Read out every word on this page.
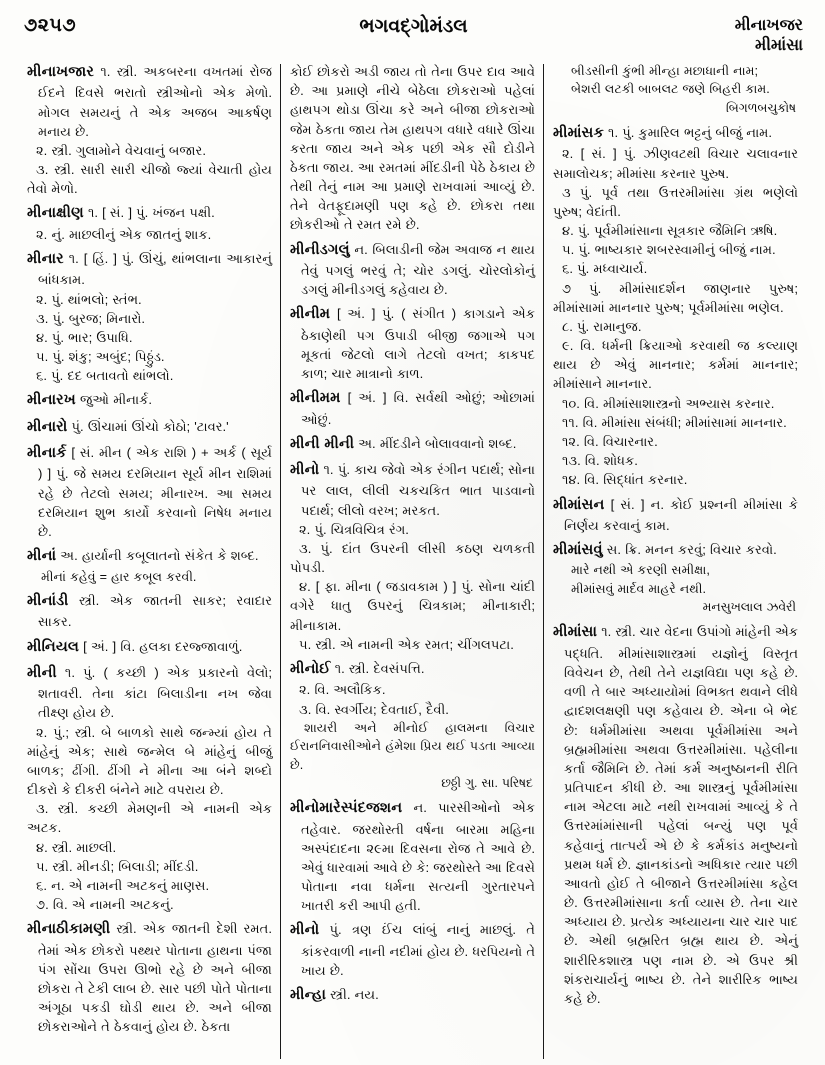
૭૨૫૭	ભગવદ્ગોમંડલ	મીનાખજર
મીમાંસા

મીનાખજાર ૧. સ્ત્રી. અકબરના વખતમાં રોજ ઈદને દિવસે ભરાતો સ્ત્રીઓનો એક મેળો. મોગલ સમયનું તે એક અજબ આકર્ષણ મનાય છે.

૨. સ્ત્રી. ગુલામોને વેચવાનું બજાર.

૩. સ્ત્રી. સારી સારી ચીજો જ્યાં વેચાતી હોય તેવો મેળો.

મીનાક્ષીણ ૧. [ સં. ] પું. ખંજન પક્ષી.

૨. નું. માછલીનું એક જાતનું શાક.

મીનાર ૧. [ હિં. ] પું. ઊંચું, થાંભલાના આકારનું બાંધકામ.

૨. પું. થાંભલો; સ્તંભ.

૩. પું. બુરજ; મિનારો.

૪. પું. ભાર; ઉપાધિ.

૫. પું. શંકુ; અબુંદ; પિઠ્ઠુંડ.

૬. પું. દદ બતાવતો થાંભલો.

મીનારખ જુઓ મીનાર્ક.

મીનારો પું. ઊંચામાં ઊંચો કોઠો; 'ટાવર.'

મીનાર્ક [ સં. મીન ( એક રાશિ ) + અર્ક ( સૂર્ય ) ] પું. જે સમય દરમિયાન સૂર્ય મીન રાશિમાં રહે છે તેટલો સમય; મીનારખ. આ સમય દરમિયાન શુભ કાર્યો કરવાનો નિષેધ મનાય છે.

મીનાં અ. હાર્યાની કબૂલાતનો સંકેત કે શબ્દ.

મીનાં કહેવું = હાર કબૂલ કરવી.

મીનાંડી સ્ત્રી. એક જાતની સાકર; રવાદાર સાકર.

મીનિયલ [ અં. ] વિ. હલકા દરજ્જાવાળું.

મીની ૧. પું. ( કચ્છી ) એક પ્રકારનો વેલો; શતાવરી. તેના કાંટા બિલાડીના નખ જેવા તીક્ષ્ણ હોય છે.

૨. પું.; સ્ત્રી. બે બાળકો સાથે જન્મ્યાં હોય તે માંહેનું એક; સાથે જન્મેલ બે માંહેનું બીજું બાળક; ઢીંગી. ઢીંગી ને મીના આ બંને શબ્દો દીકરો કે દીકરી બંનેને માટે વપરાય છે.

૩. સ્ત્રી. કચ્છી મેમણની એ નામની એક અટક.

૪. સ્ત્રી. માછલી.

૫. સ્ત્રી. મીનડી; બિલાડી; મીંદડી.

૬. ન. એ નામની અટકનું માણસ.

૭. વિ. એ નામની અટકનું.

મીનાઠીકામણી સ્ત્રી. એક જાતની દેશી રમત. તેમાં એક છોકરો પથ્થર પોતાના હાથના પંજા પંગ સોંચા ઉપરા ઊભો રહે છે અને બીજા છોકરા તે ટેકી લાબ છે. સાર પછી પોતે પોતાના અંગૂઠા પકડી ઘોડી થાય છે. અને બીજા છોકરાઓને તે ઠેકવાનું હોય છે. ઠેકતા

કોઈ છોકરો અડી જાય તો તેના ઉપર દાવ આવે છે. આ પ્રમાણે નીચે બેઠેલા છોકરાઓ પહેલાં હાથપગ થોડા ઊંચા કરે અને બીજા છોકરાઓ જેમ ઠેકતા જાય તેમ હાથપગ વધારે વધારે ઊંચા કરતા જાય અને એક પછી એક સૌ દોડીને ઠેકતા જાય. આ રમતમાં મીંદડીની પેઠે ઠેકાય છે તેથી તેનું નામ આ પ્રમાણે રાખવામાં આવ્યું છે. તેને વેતફૂદામણી પણ કહે છે. છોકરા તથા છોકરીઓ તે રમત રમે છે.

મીનીડગલું ન. બિલાડીની જેમ અવાજ ન થાય તેવું પગલું ભરવું તે; ચોર ડગલું. ચોરલોકોનું ડગલું મીનીડગલું કહેવાય છે.

મીનીમ [ અં. ] પું. ( સંગીત ) કાગડાને એક ઠેકાણેથી પગ ઉપાડી બીજી જગાએ પગ મૂકતાં જેટલો લાગે તેટલો વખત; કાકપદ કાળ; ચાર માત્રાનો કાળ.

મીનીમમ [ અં. ] વિ. સર્વથી ઓછું; ઓછામાં ઓછું.

મીની મીની અ. મીંદડીને બોલાવવાનો શબ્દ.

મીનો ૧. પું. કાચ જેવો એક રંગીન પદાર્થ; સોના પર લાલ, લીલી ચકચકિત ભાત પાડવાનો પદાર્થ; લીલો વરખ; મરકત.

૨. પું. ચિત્રવિચિત્ર રંગ.

૩. પું. દાંત ઉપરની લીસી કઠણ ચળકતી પોપડી.

૪. [ ફા. મીના ( જડાવકામ ) ] પું. સોના ચાંદી વગેરે ધાતુ ઉપરનું ચિત્રકામ; મીનાકારી; મીનાકામ.

૫. સ્ત્રી. એ નામની એક રમત; ચીંગલપટા.

મીનોઈ ૧. સ્ત્રી. દેવસંપત્તિ.

૨. વિ. અલૌકિક.

૩. વિ. સ્વર્ગીય; દેવતાઈ, દૈવી.

શાયરી અને મીનોઈ હાલમના વિચાર ઈરાનનિવાસીઓને હંમેશા પ્રિય થઈ પડતા આવ્યા છે.

છઠ્ઠી ગુ. સા. પરિષદ

મીનોમારેસ્પંદજશન ન. પારસીઓનો એક તહેવાર. જરથોસ્તી વર્ષના બારમા મહિના અસ્પંદાદના ૨૯મા દિવસના રોજ તે આવે છે. એવું ધારવામાં આવે છે કે: જરથોસ્તે આ દિવસે પોતાના નવા ધર્મના સત્યની ગુરતારપને ખાતરી કરી આપી હતી.

મીનો પું. ત્રણ ઈંચ લાંબું નાનું માછલું. તે કાંકરવાળી નાની નદીમાં હોય છે. ધરપિયનો તે ખાય છે.

મીન્હા સ્ત્રી. નય.

બીડસીની કુંભી મીન્હા મછાધાની નામ;
બેશરી લટકી બાબલટ જણે બિહરી કામ.

બિગળબચુકોષ

મીમાંસક ૧. પું. કુમારિલ ભટ્ટનું બીજું નામ.

૨. [ સં. ] પું. ઝીણવટથી વિચાર ચલાવનાર સમાલોચક; મીમાંસા કરનાર પુરુષ.

૩ પું. પૂર્વ તથા ઉત્તરમીમાંસા ગ્રંથ ભણેલો પુરુષ; વેદાંતી.

૪. પું. પૂર્વમીમાંસાના સૂત્રકાર જૈમિનિ ઋષિ.

૫. પું. ભાષ્યકાર શબરસ્વામીનું બીજું નામ.

૬. પું. મધ્વાચાર્ય.

૭ પું. મીમાંસાદર્શન જાણનાર પુરુષ; મીમાંસામાં માનનાર પુરુષ; પૂર્વમીમાંસા ભણેલ.

૮. પું. રામાનુજ.

૯. વિ. ધર્મની ક્રિયાઓ કરવાથી જ કલ્યાણ થાય છે એવું માનનાર; કર્મમાં માનનાર; મીમાંસાને માનનાર.

૧૦. વિ. મીમાંસાશાસ્ત્રનો અભ્યાસ કરનાર.

૧૧. વિ. મીમાંસા સંબંધી; મીમાંસામાં માનનાર.

૧૨. વિ. વિચારનાર.

૧૩. વિ. શોધક.

૧૪. વિ. સિદ્ધાંત કરનાર.

મીમાંસન [ સં. ] ન. કોઈ પ્રશ્નની મીમાંસા કે નિર્ણય કરવાનું કામ.

મીમાંસવું સ. ક્રિ. મનન કરવું; વિચાર કરવો.

મારે નથી એ કરણી સમીક્ષા,
મીમાંસવું માર્દવ માહરે નથી.

મનસુખલાલ ઝવેરી

મીમાંસા ૧. સ્ત્રી. ચાર વેદના ઉપાંગો માંહેની એક પદ્ધતિ. મીમાંસાશાસ્ત્રમાં યજ્ઞોનું વિસ્તૃત વિવેચન છે, તેથી તેને યજ્ઞવિદ્યા પણ કહે છે. વળી તે બાર અધ્યાયોમાં વિભક્ત થવાને લીધે દ્વાદશલક્ષણી પણ કહેવાય છે. એના બે ભેદ છે: ધર્મમીમાંસા અથવા પૂર્વમીમાંસા અને બ્રહ્મમીમાંસા અથવા ઉત્તરમીમાંસા. પહેલીના કર્તા જૈમિનિ છે. તેમાં કર્મ અનુષ્ઠાનની રીતિ પ્રતિપાદન કીધી છે. આ શાસ્ત્રનું પૂર્વમીમાંસા નામ એટલા માટે નથી રાખવામાં આવ્યું કે તે ઉત્તરમાંમાંસાની પહેલાં બન્યું પણ પૂર્વ કહેવાનું તાત્પર્ય એ છે કે કર્મકાંડ મનુષ્યનો પ્રથમ ધર્મ છે. જ્ઞાનકાંડનો અધિકાર ત્યાર પછી આવતો હોઈ તે બીજાને ઉત્તરમીમાંસા કહેલ છે. ઉત્તરમીમાંસાના કર્તા વ્યાસ છે. તેના ચાર અધ્યાય છે. પ્રત્યેક અધ્યાયના ચાર ચાર પાદ છે. એથી બ્રહ્મરિત બ્રહ્મ થાય છે. એનું શારીરિકશાસ્ત્ર પણ નામ છે. એ ઉપર શ્રી શંકરાચાર્યનું ભાષ્ય છે. તેને શારીરિક ભાષ્ય કહે છે.
